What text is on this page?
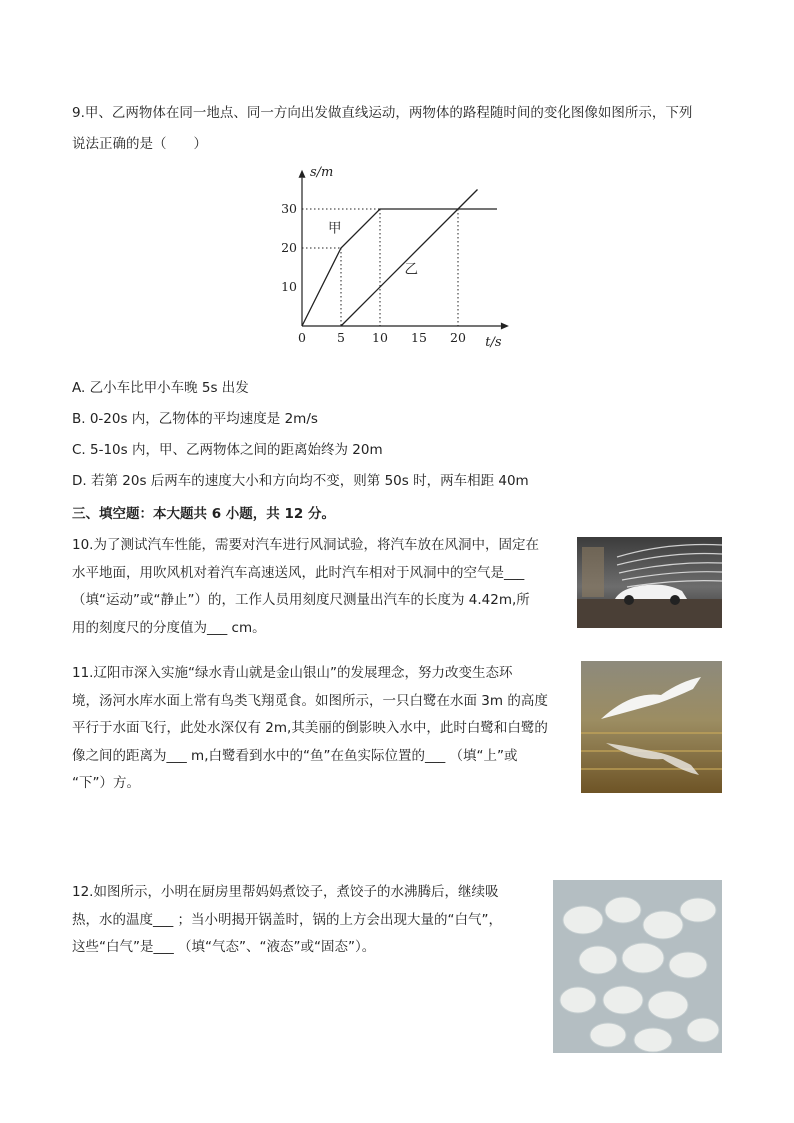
9.甲、乙两物体在同一地点、同一方向出发做直线运动，两物体的路程随时间的变化图像如图所示，下列
说法正确的是（　　）
s/m
t/s
0 5 10 15 20
10
20
30
甲
乙
A. 乙小车比甲小车晚 5s 出发
B. 0-20s 内，乙物体的平均速度是 2m/s
C. 5-10s 内，甲、乙两物体之间的距离始终为 20m
D. 若第 20s 后两车的速度大小和方向均不变，则第 50s 时，两车相距 40m
三、填空题：本大题共 6 小题，共 12 分。
10.为了测试汽车性能，需要对汽车进行风洞试验，将汽车放在风洞中，固定在
水平地面，用吹风机对着汽车高速送风，此时汽车相对于风洞中的空气是___
（填“运动”或“静止”）的，工作人员用刻度尺测量出汽车的长度为 4.42m,所
用的刻度尺的分度值为___ cm。
11.辽阳市深入实施“绿水青山就是金山银山”的发展理念，努力改变生态环
境，汤河水库水面上常有鸟类飞翔觅食。如图所示，一只白鹭在水面 3m 的高度
平行于水面飞行，此处水深仅有 2m,其美丽的倒影映入水中，此时白鹭和白鹭的
像之间的距离为___ m,白鹭看到水中的“鱼”在鱼实际位置的___ （填“上”或
“下”）方。
12.如图所示，小明在厨房里帮妈妈煮饺子，煮饺子的水沸腾后，继续吸
热，水的温度___ ；当小明揭开锅盖时，锅的上方会出现大量的“白气”，
这些“白气”是___ （填“气态”、“液态”或“固态”）。
